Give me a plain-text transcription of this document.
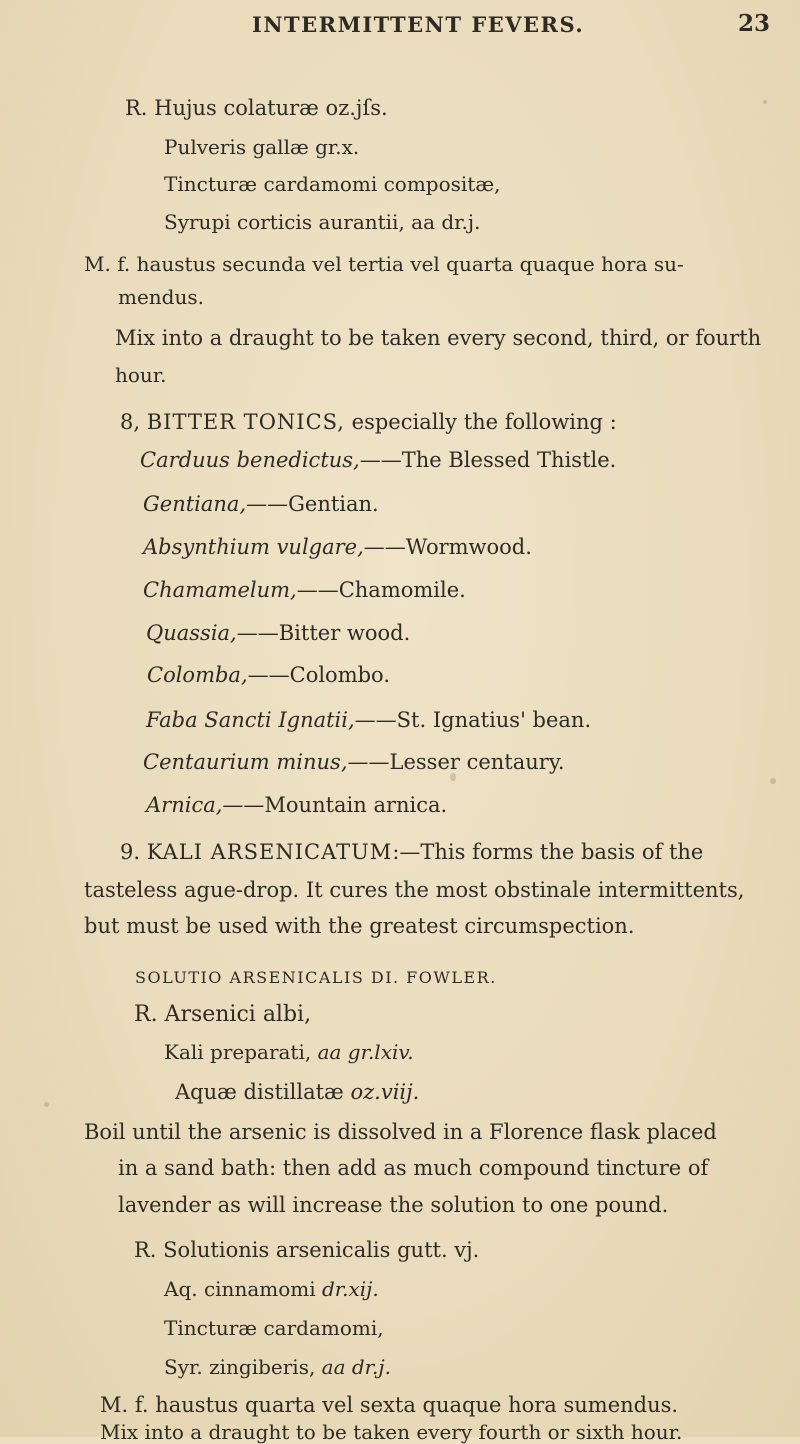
INTERMITTENT FEVERS.	23
R. Hujus colaturæ oz.jſs.
Pulveris gallæ gr.x.
Tincturæ cardamomi compositæ,
Syrupi corticis aurantii, aa dr.j.
M. f. haustus secunda vel tertia vel quarta quaque hora su-
mendus.
Mix into a draught to be taken every second, third, or fourth
hour.
8, BITTER TONICS, especially the following :
Carduus benedictus,——The Blessed Thistle.
Gentiana,——Gentian.
Absynthium vulgare,——Wormwood.
Chamamelum,——Chamomile.
Quassia,——Bitter wood.
Colomba,——Colombo.
Faba Sancti Ignatii,——St. Ignatius' bean.
Centaurium minus,——Lesser centaury.
Arnica,——Mountain arnica.
9. KALI ARSENICATUM:—This forms the basis of the
tasteless ague-drop. It cures the most obstinale intermittents,
but must be used with the greatest circumspection.
SOLUTIO ARSENICALIS DI. FOWLER.
R. Arsenici albi,
Kali preparati, aa gr.lxiv.
Aquæ distillatæ oz.viij.
Boil until the arsenic is dissolved in a Florence flask placed
in a sand bath: then add as much compound tincture of
lavender as will increase the solution to one pound.
R. Solutionis arsenicalis gutt. vj.
Aq. cinnamomi dr.xij.
Tincturæ cardamomi,
Syr. zingiberis, aa dr.j.
M. f. haustus quarta vel sexta quaque hora sumendus.
Mix into a draught to be taken every fourth or sixth hour.
